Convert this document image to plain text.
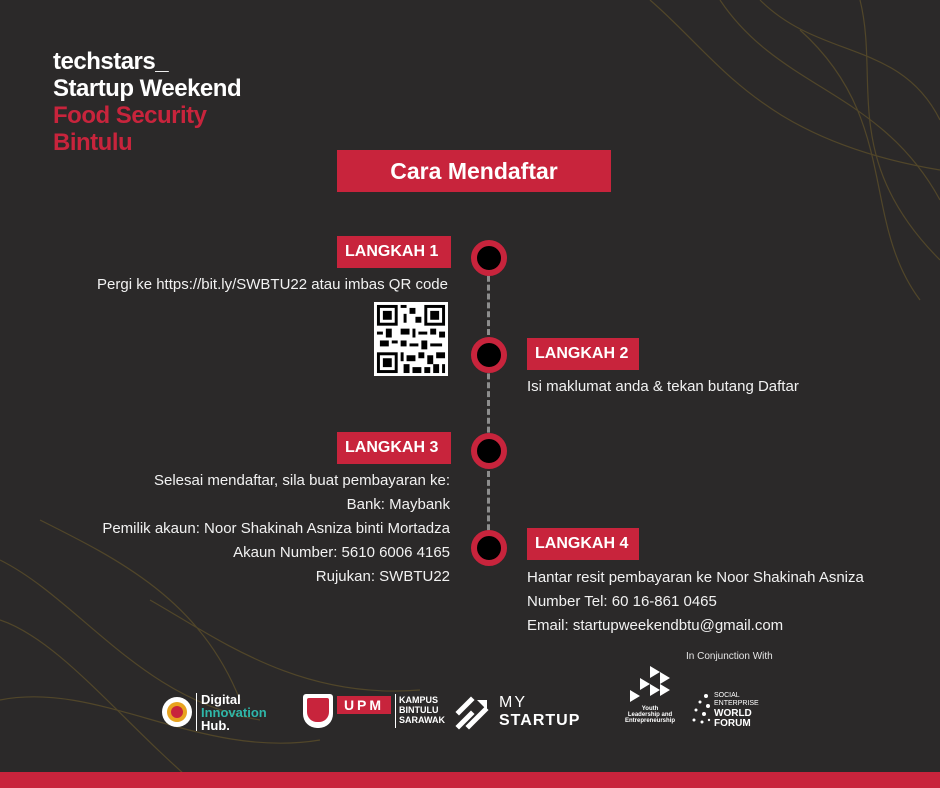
techstars_
Startup Weekend
Food Security
Bintulu
Cara Mendaftar
LANGKAH 1
Pergi ke https://bit.ly/SWBTU22 atau imbas QR code
LANGKAH 2
Isi maklumat anda & tekan butang Daftar
LANGKAH 3
Selesai mendaftar, sila buat pembayaran ke:
Bank: Maybank
Pemilik akaun: Noor Shakinah Asniza binti Mortadza
Akaun Number: 5610 6006 4165
Rujukan: SWBTU22
LANGKAH 4
Hantar resit pembayaran ke Noor Shakinah Asniza
Number Tel: 60 16-861 0465
Email: startupweekendbtu@gmail.com
In Conjunction With
Digital
Innovation
Hub.
UPM	KAMPUS
BINTULU
SARAWAK
MY
STARTUP
Youth
Leadership and
Entrepreneurship
SOCIAL
ENTERPRISE
WORLD
FORUM
